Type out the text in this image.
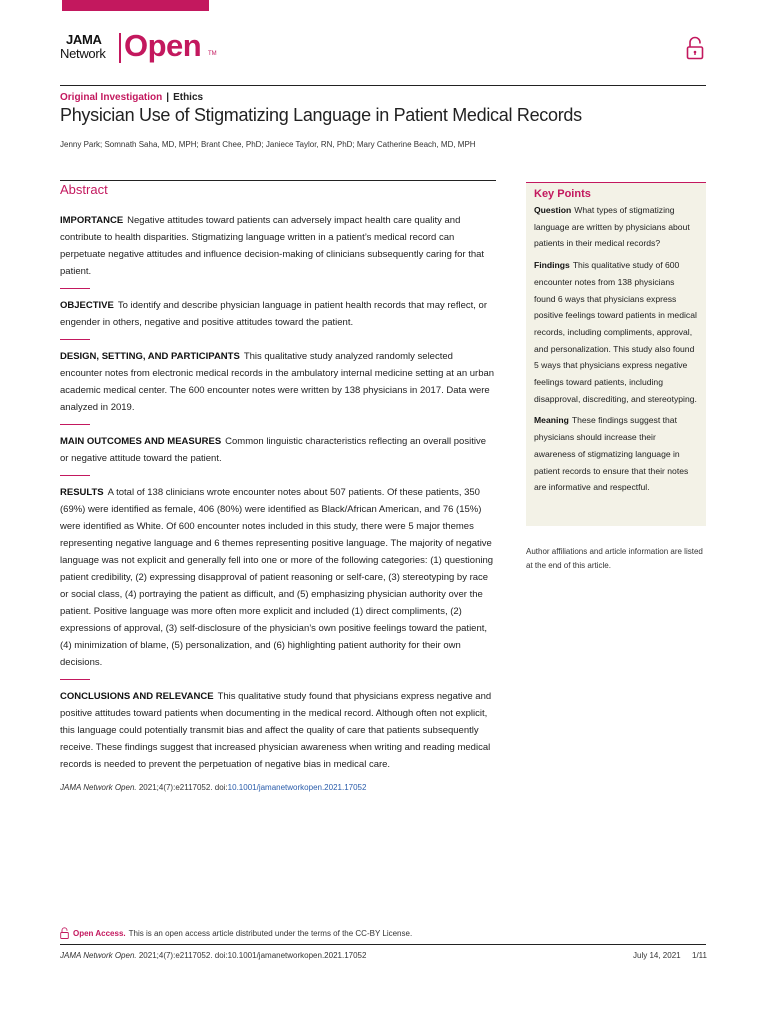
JAMA
Network Open TM
Original Investigation | Ethics
Physician Use of Stigmatizing Language in Patient Medical Records
Jenny Park; Somnath Saha, MD, MPH; Brant Chee, PhD; Janiece Taylor, RN, PhD; Mary Catherine Beach, MD, MPH
Abstract

IMPORTANCE Negative attitudes toward patients can adversely impact health care quality and contribute to health disparities. Stigmatizing language written in a patient’s medical record can perpetuate negative attitudes and influence decision-making of clinicians subsequently caring for that patient.

OBJECTIVE To identify and describe physician language in patient health records that may reflect, or engender in others, negative and positive attitudes toward the patient.

DESIGN, SETTING, AND PARTICIPANTS This qualitative study analyzed randomly selected encounter notes from electronic medical records in the ambulatory internal medicine setting at an urban academic medical center. The 600 encounter notes were written by 138 physicians in 2017. Data were analyzed in 2019.

MAIN OUTCOMES AND MEASURES Common linguistic characteristics reflecting an overall positive or negative attitude toward the patient.

RESULTS A total of 138 clinicians wrote encounter notes about 507 patients. Of these patients, 350 (69%) were identified as female, 406 (80%) were identified as Black/African American, and 76 (15%) were identified as White. Of 600 encounter notes included in this study, there were 5 major themes representing negative language and 6 themes representing positive language. The majority of negative language was not explicit and generally fell into one or more of the following categories: (1) questioning patient credibility, (2) expressing disapproval of patient reasoning or self-care, (3) stereotyping by race or social class, (4) portraying the patient as difficult, and (5) emphasizing physician authority over the patient. Positive language was more often more explicit and included (1) direct compliments, (2) expressions of approval, (3) self-disclosure of the physician’s own positive feelings toward the patient, (4) minimization of blame, (5) personalization, and (6) highlighting patient authority for their own decisions.

CONCLUSIONS AND RELEVANCE This qualitative study found that physicians express negative and positive attitudes toward patients when documenting in the medical record. Although often not explicit, this language could potentially transmit bias and affect the quality of care that patients subsequently receive. These findings suggest that increased physician awareness when writing and reading medical records is needed to prevent the perpetuation of negative bias in medical care.

JAMA Network Open. 2021;4(7):e2117052. doi:10.1001/jamanetworkopen.2021.17052
Key Points

Question What types of stigmatizing language are written by physicians about patients in their medical records?

Findings This qualitative study of 600 encounter notes from 138 physicians found 6 ways that physicians express positive feelings toward patients in medical records, including compliments, approval, and personalization. This study also found 5 ways that physicians express negative feelings toward patients, including disapproval, discrediting, and stereotyping.

Meaning These findings suggest that physicians should increase their awareness of stigmatizing language in patient records to ensure that their notes are informative and respectful.

Author affiliations and article information are listed at the end of this article.
Open Access. This is an open access article distributed under the terms of the CC-BY License.
JAMA Network Open. 2021;4(7):e2117052. doi:10.1001/jamanetworkopen.2021.17052	July 14, 2021 1/11
